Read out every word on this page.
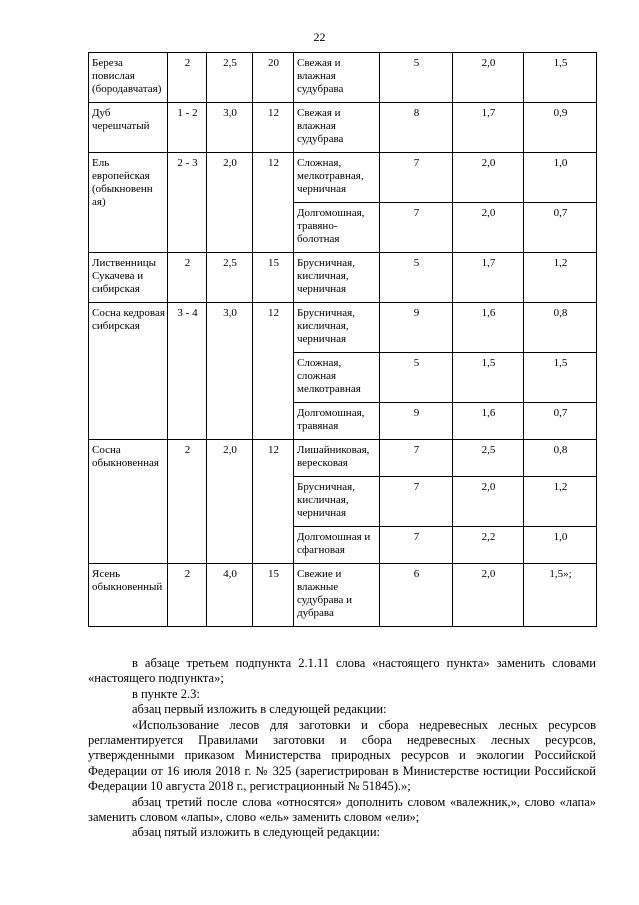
22
Береза повислая (бородавчатая)	2	2,5	20	Свежая и влажная судубрава	5	2,0	1,5
Дуб черешчатый	1 - 2	3,0	12	Свежая и влажная судубрава	8	1,7	0,9
Ель европейская (обыкновенн ая)	2 - 3	2,0	12	Сложная, мелкотравная, черничная	7	2,0	1,0
				Долгомошная, травяно-болотная	7	2,0	0,7
Лиственницы Сукачева и сибирская	2	2,5	15	Брусничная, кисличная, черничная	5	1,7	1,2
Сосна кедровая сибирская	3 - 4	3,0	12	Брусничная, кисличная, черничная	9	1,6	0,8
				Сложная, сложная мелкотравная	5	1,5	1,5
				Долгомошная, травяная	9	1,6	0,7
Сосна обыкновенная	2	2,0	12	Лишайниковая, вересковая	7	2,5	0,8
				Брусничная, кисличная, черничная	7	2,0	1,2
				Долгомошная и сфагновая	7	2,2	1,0
Ясень обыкновенный	2	4,0	15	Свежие и влажные судубрава и дубрава	6	2,0	1,5»;

в абзаце третьем подпункта 2.1.11 слова «настоящего пункта» заменить словами «настоящего подпункта»;

в пункте 2.3:

абзац первый изложить в следующей редакции:

«Использование лесов для заготовки и сбора недревесных лесных ресурсов регламентируется Правилами заготовки и сбора недревесных лесных ресурсов, утвержденными приказом Министерства природных ресурсов и экологии Российской Федерации от 16 июля 2018 г. № 325 (зарегистрирован в Министерстве юстиции Российской Федерации 10 августа 2018 г., регистрационный № 51845).»;

абзац третий после слова «относятся» дополнить словом «валежник,», слово «лапа» заменить словом «лапы», слово «ель» заменить словом «ели»;

абзац пятый изложить в следующей редакции:
